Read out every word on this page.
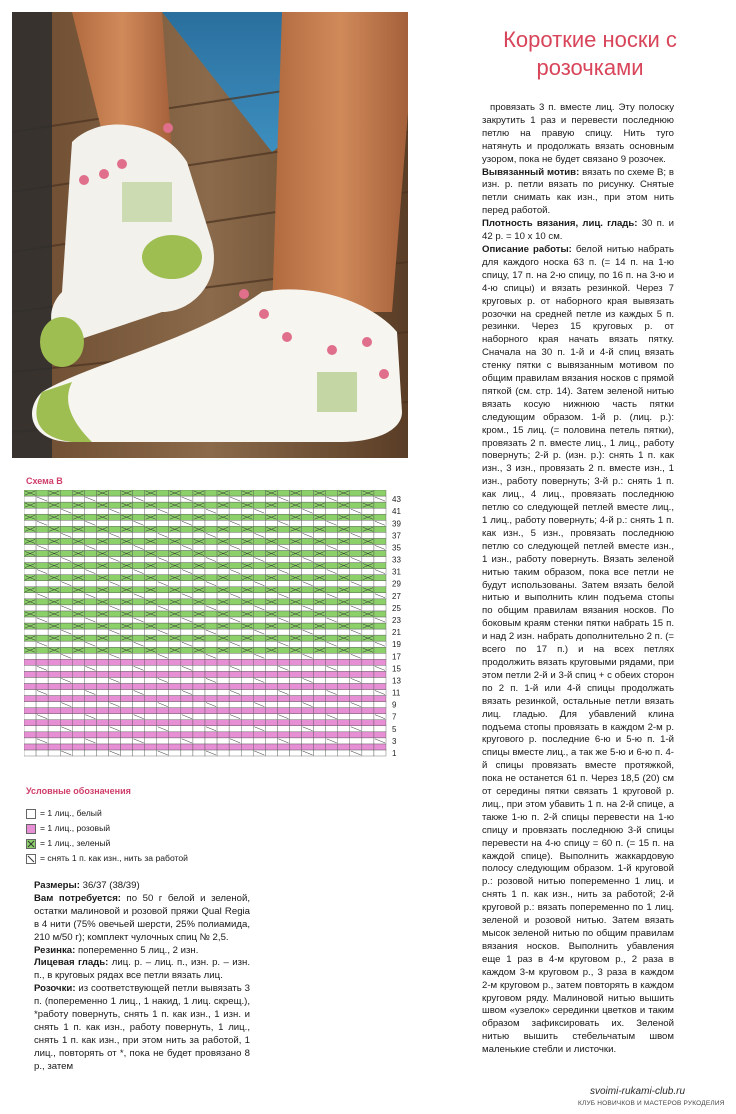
Короткие носки с
розочками

провязать 3 п. вместе лиц. Эту полоску закрутить 1 раз и перевести последнюю петлю на правую спицу. Нить туго натянуть и продолжать вязать основным узором, пока не будет связано 9 розочек.

Вывязанный мотив: вязать по схеме В; в изн. р. петли вязать по рисунку. Снятые петли снимать как изн., при этом нить перед работой.

Плотность вязания, лиц. гладь: 30 п. и 42 р. = 10 х 10 см.

Описание работы: белой нитью набрать для каждого носка 63 п. (= 14 п. на 1-ю спицу, 17 п. на 2-ю спицу, по 16 п. на 3-ю и 4-ю спицы) и вязать резинкой. Через 7 круговых р. от наборного края вывязать розочки на средней петле из каждых 5 п. резинки. Через 15 круговых р. от наборного края начать вязать пятку. Сначала на 30 п. 1-й и 4-й спиц вязать стенку пятки с вывязанным мотивом по общим правилам вязания носков с прямой пяткой (см. стр. 14). Затем зеленой нитью вязать косую нижнюю часть пятки следующим образом. 1-й р. (лиц. р.): кром., 15 лиц. (= половина петель пятки), провязать 2 п. вместе лиц., 1 лиц., работу повернуть; 2-й р. (изн. р.): снять 1 п. как изн., 3 изн., провязать 2 п. вместе изн., 1 изн., работу повернуть; 3-й р.: снять 1 п. как лиц., 4 лиц., провязать последнюю петлю со следующей петлей вместе лиц., 1 лиц., работу повернуть; 4-й р.: снять 1 п. как изн., 5 изн., провязать последнюю петлю со следующей петлей вместе изн., 1 изн., работу повернуть. Вязать зеленой нитью таким образом, пока все петли не будут использованы. Затем вязать белой нитью и выполнить клин подъема стопы по общим правилам вязания носков. По боковым краям стенки пятки набрать 15 п. и над 2 изн. набрать дополнительно 2 п. (= всего по 17 п.) и на всех петлях продолжить вязать круговыми рядами, при этом петли 2-й и 3-й спиц + с обеих сторон по 2 п. 1-й или 4-й спицы продолжать вязать резинкой, остальные петли вязать лиц. гладью. Для убавлений клина подъема стопы провязать в каждом 2-м р. кругового р. последние 6-ю и 5-ю п. 1-й спицы вместе лиц., а так же 5-ю и 6-ю п. 4-й спицы провязать вместе протяжкой, пока не останется 61 п. Через 18,5 (20) см от середины пятки связать 1 круговой р. лиц., при этом убавить 1 п. на 2-й спице, а также 1-ю п. 2-й спицы перевести на 1-ю спицу и провязать последнюю 3-й спицы перевести на 4-ю спицу = 60 п. (= 15 п. на каждой спице). Выполнить жаккардовую полосу следующим образом. 1-й круговой р.: розовой нитью попеременно 1 лиц. и снять 1 п. как изн., нить за работой; 2-й круговой р.: вязать попеременно по 1 лиц. зеленой и розовой нитью. Затем вязать мысок зеленой нитью по общим правилам вязания носков. Выполнить убавления еще 1 раз в 4-м круговом р., 2 раза в каждом 3-м круговом р., 3 раза в каждом 2-м круговом р., затем повторять в каждом круговом ряду. Малиновой нитью вышить швом «узелок» серединки цветков и таким образом зафиксировать их. Зеленой нитью вышить стебельчатым швом маленькие стебли и листочки.

Схема В
43
41
39
37
35
33
31
29
27
25
23
21
19
17
15
13
11
9
7
5
3
1
Условные обозначения
= 1 лиц., белый
= 1 лиц., розовый
= 1 лиц., зеленый
= снять 1 п. как изн., нить за работой

Размеры: 36/37 (38/39)

Вам потребуется: по 50 г белой и зеленой, остатки малиновой и розовой пряжи Qual Regia в 4 нити (75% овечьей шерсти, 25% полиамида, 210 м/50 г); комплект чулочных спиц № 2,5.

Резинка: попеременно 5 лиц., 2 изн.

Лицевая гладь: лиц. р. – лиц. п., изн. р. – изн. п., в круговых рядах все петли вязать лиц.

Розочки: из соответствующей петли вывязать 3 п. (попеременно 1 лиц., 1 накид, 1 лиц. скрещ.), *работу повернуть, снять 1 п. как изн., 1 изн. и снять 1 п. как изн., работу повернуть, 1 лиц., снять 1 п. как изн., при этом нить за работой, 1 лиц., повторять от *, пока не будет провязано 8 р., затем

svoimi-rukami-club.ru
КЛУБ НОВИЧКОВ И МАСТЕРОВ РУКОДЕЛИЯ
